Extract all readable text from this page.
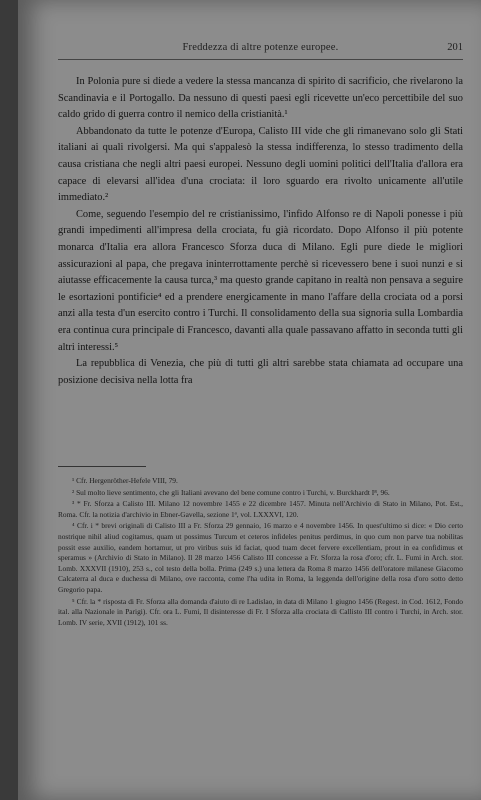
Freddezza di altre potenze europee.	201

In Polonia pure si diede a vedere la stessa mancanza di spirito di sacrificio, che rivelarono la Scandinavia e il Portogallo. Da nessuno di questi paesi egli ricevette un'eco percettibile del suo caldo grido di guerra contro il nemico della cristianità.¹

Abbandonato da tutte le potenze d'Europa, Calisto III vide che gli rimanevano solo gli Stati italiani ai quali rivolgersi. Ma qui s'appalesò la stessa indifferenza, lo stesso tradimento della causa cristiana che negli altri paesi europei. Nessuno degli uomini politici dell'Italia d'allora era capace di elevarsi all'idea d'una crociata: il loro sguardo era rivolto unicamente all'utile immediato.²

Come, seguendo l'esempio del re cristianissimo, l'infido Alfonso re di Napoli ponesse i più grandi impedimenti all'impresa della crociata, fu già ricordato. Dopo Alfonso il più potente monarca d'Italia era allora Francesco Sforza duca di Milano. Egli pure diede le migliori assicurazioni al papa, che pregava ininterrottamente perchè si ricevessero bene i suoi nunzi e si aiutasse efficacemente la causa turca,³ ma questo grande capitano in realtà non pensava a seguire le esortazioni pontificie⁴ ed a prendere energicamente in mano l'affare della crociata od a porsi anzi alla testa d'un esercito contro i Turchi. Il consolidamento della sua signoria sulla Lombardia era continua cura principale di Francesco, davanti alla quale passavano affatto in seconda tutti gli altri interessi.⁵

La repubblica di Venezia, che più di tutti gli altri sarebbe stata chiamata ad occupare una posizione decisiva nella lotta fra

¹ Cfr. Hergenröther-Hefele VIII, 79.

² Sul molto lieve sentimento, che gli Italiani avevano del bene comune contro i Turchi, v. Burckhardt I⁸, 96.

³ * Fr. Sforza a Calisto III. Milano 12 novembre 1455 e 22 dicembre 1457. Minuta nell'Archivio di Stato in Milano, Pot. Est., Roma. Cfr. la notizia d'archivio in Ebner-Gavella, sezione 1ª, vol. LXXXVI, 120.

⁴ Cfr. i * brevi originali di Calisto III a Fr. Sforza 29 gennaio, 16 marzo e 4 novembre 1456. In quest'ultimo si dice: « Dio certo nostrique nihil aliud cogitamus, quam ut possimus Turcum et ceteros infideles penitus perdimus, in quo cum non parve tua nobilitas possit esse auxilio, eandem hortamur, ut pro viribus suis id faciat, quod tuam decet fervere excellentiam, prout in ea confidimus et speramus » (Archivio di Stato in Milano). Il 28 marzo 1456 Calisto III concesse a Fr. Sforza la rosa d'oro; cfr. L. Fumi in Arch. stor. Lomb. XXXVII (1910), 253 s., col testo della bolla. Prima (249 s.) una lettera da Roma 8 marzo 1456 dell'oratore milanese Giacomo Calcaterra al duca e duchessa di Milano, ove racconta, come l'ha udita in Roma, la leggenda dell'origine della rosa d'oro sotto detto Gregorio papa.

⁵ Cfr. la * risposta di Fr. Sforza alla domanda d'aiuto di re Ladislao, in data di Milano 1 giugno 1456 (Regest. in Cod. 1612, Fondo ital. alla Nazionale in Parigi). Cfr. ora L. Fumi, Il disinteresse di Fr. I Sforza alla crociata di Callisto III contro i Turchi, in Arch. stor. Lomb. IV serie, XVII (1912), 101 ss.
